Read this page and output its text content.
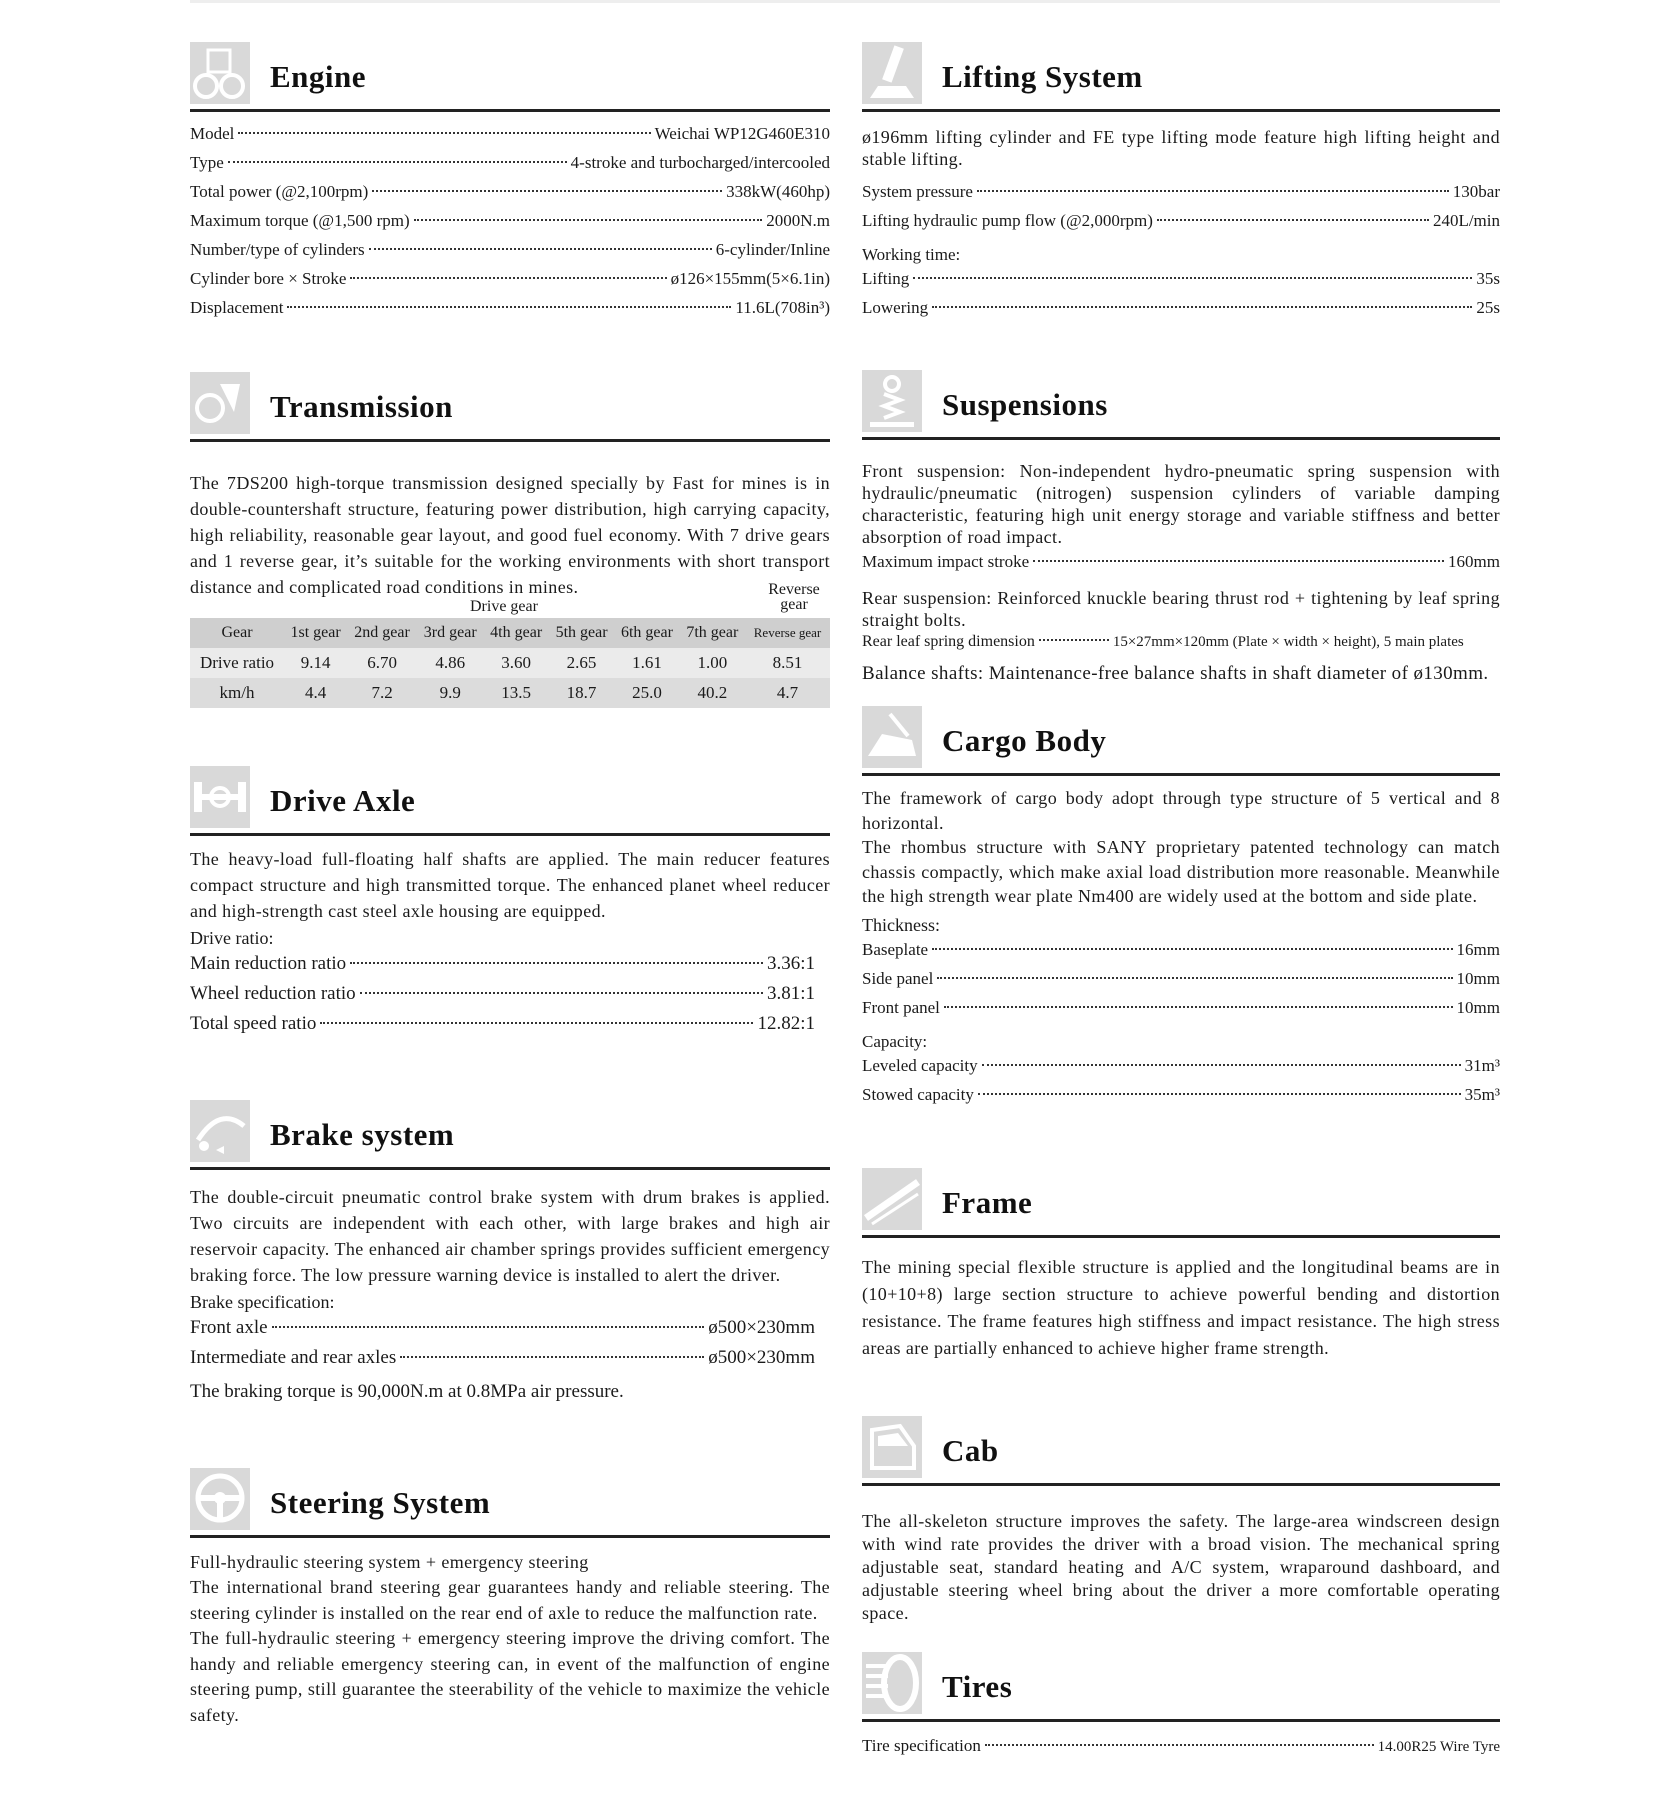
Engine
Model	Weichai WP12G460E310
Type	4-stroke and turbocharged/intercooled
Total power (@2,100rpm)	338kW(460hp)
Maximum torque (@1,500 rpm)	2000N.m
Number/type of cylinders	6-cylinder/Inline
Cylinder bore × Stroke	ø126×155mm(5×6.1in)
Displacement	11.6L(708in³)
Transmission

The 7DS200 high-torque transmission designed specially by Fast for mines is in double-countershaft structure, featuring power distribution, high carrying capacity, high reliability, reasonable gear layout, and good fuel economy. With 7 drive gears and 1 reverse gear, it’s suitable for the working environments with short transport distance and complicated road conditions in mines.

Drive gear
Reverse gear
Gear	1st gear	2nd gear	3rd gear	4th gear	5th gear	6th gear	7th gear	Reverse gear
Drive ratio	9.14	6.70	4.86	3.60	2.65	1.61	1.00	8.51
km/h	4.4	7.2	9.9	13.5	18.7	25.0	40.2	4.7
Drive Axle

The heavy-load full-floating half shafts are applied. The main reducer features compact structure and high transmitted torque. The enhanced planet wheel reducer and high-strength cast steel axle housing are equipped.

Drive ratio:
Main reduction ratio	3.36:1
Wheel reduction ratio	3.81:1
Total speed ratio	12.82:1
Brake system

The double-circuit pneumatic control brake system with drum brakes is applied. Two circuits are independent with each other, with large brakes and high air reservoir capacity. The enhanced air chamber springs provides sufficient emergency braking force. The low pressure warning device is installed to alert the driver.

Brake specification:
Front axle	ø500×230mm
Intermediate and rear axles	ø500×230mm
The braking torque is 90,000N.m at 0.8MPa air pressure.
Steering System
Full-hydraulic steering system + emergency steering

The international brand steering gear guarantees handy and reliable steering. The steering cylinder is installed on the rear end of axle to reduce the malfunction rate.

The full-hydraulic steering + emergency steering improve the driving comfort. The handy and reliable emergency steering can, in event of the malfunction of engine steering pump, still guarantee the steerability of the vehicle to maximize the vehicle safety.

Lifting System

ø196mm lifting cylinder and FE type lifting mode feature high lifting height and stable lifting.

System pressure	130bar
Lifting hydraulic pump flow (@2,000rpm)	240L/min
Working time:
Lifting	35s
Lowering	25s
Suspensions

Front suspension: Non-independent hydro-pneumatic spring suspension with hydraulic/pneumatic (nitrogen) suspension cylinders of variable damping characteristic, featuring high unit energy storage and variable stiffness and better absorption of road impact.

Maximum impact stroke	160mm

Rear suspension: Reinforced knuckle bearing thrust rod + tightening by leaf spring straight bolts.

Rear leaf spring dimension	15×27mm×120mm (Plate × width × height), 5 main plates
Balance shafts: Maintenance-free balance shafts in shaft diameter of ø130mm.
Cargo Body

The framework of cargo body adopt through type structure of 5 vertical and 8 horizontal.

The rhombus structure with SANY proprietary patented technology can match chassis compactly, which make axial load distribution more reasonable. Meanwhile the high strength wear plate Nm400 are widely used at the bottom and side plate.

Thickness:
Baseplate	16mm
Side panel	10mm
Front panel	10mm
Capacity:
Leveled capacity	31m³
Stowed capacity	35m³
Frame

The mining special flexible structure is applied and the longitudinal beams are in (10+10+8) large section structure to achieve powerful bending and distortion resistance. The frame features high stiffness and impact resistance. The high stress areas are partially enhanced to achieve higher frame strength.

Cab

The all-skeleton structure improves the safety. The large-area windscreen design with wind rate provides the driver with a broad vision. The mechanical spring adjustable seat, standard heating and A/C system, wraparound dashboard, and adjustable steering wheel bring about the driver a more comfortable operating space.

Tires
Tire specification	14.00R25 Wire Tyre
